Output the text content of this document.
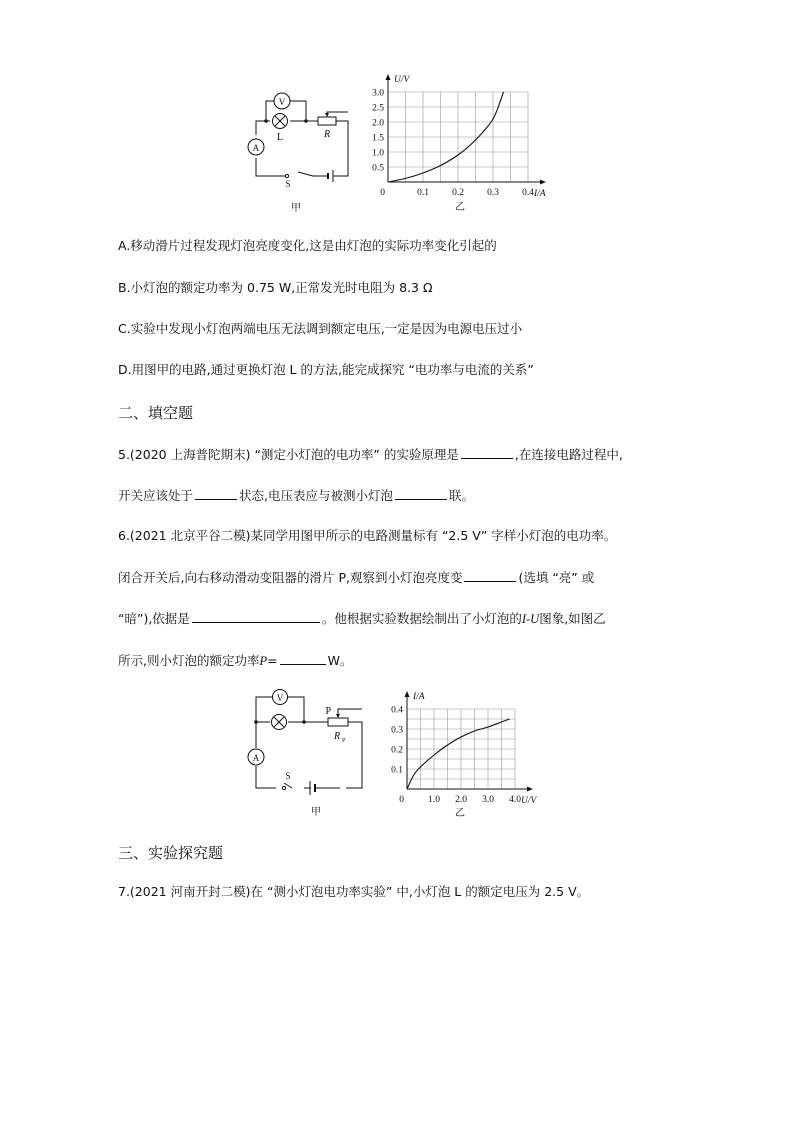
V
L	R
A
S
甲
0.5
1.0
1.5
2.0
2.5
3.0
0.1 0.2 0.3 0.4
0
U/V
I/A
乙
A.移动滑片过程发现灯泡亮度变化,这是由灯泡的实际功率变化引起的
B.小灯泡的额定功率为 0.75 W,正常发光时电阻为 8.3 Ω
C.实验中发现小灯泡两端电压无法调到额定电压,一定是因为电源电压过小
D.用图甲的电路,通过更换灯泡 L 的方法,能完成探究 “电功率与电流的关系”
二、填空题
5.(2020 上海普陀期末) “测定小灯泡的电功率” 的实验原理是	,在连接电路过程中,
开关应该处于	状态,电压表应与被测小灯泡	联。
6.(2021 北京平谷二模)某同学用图甲所示的电路测量标有 “2.5 V” 字样小灯泡的电功率。
闭合开关后,向右移动滑动变阻器的滑片 P,观察到小灯泡亮度变	(选填 “亮” 或
“暗”),依据是	。他根据实验数据绘制出了小灯泡的I-U图象,如图乙
所示,则小灯泡的额定功率P=	W。
V
P
R P
A
S
甲
0.1
0.2
0.3
0.4
1.0 2.0 3.0 4.0
0
I/A
U/V
乙
三、实验探究题
7.(2021 河南开封二模)在 “测小灯泡电功率实验” 中,小灯泡 L 的额定电压为 2.5 V。
